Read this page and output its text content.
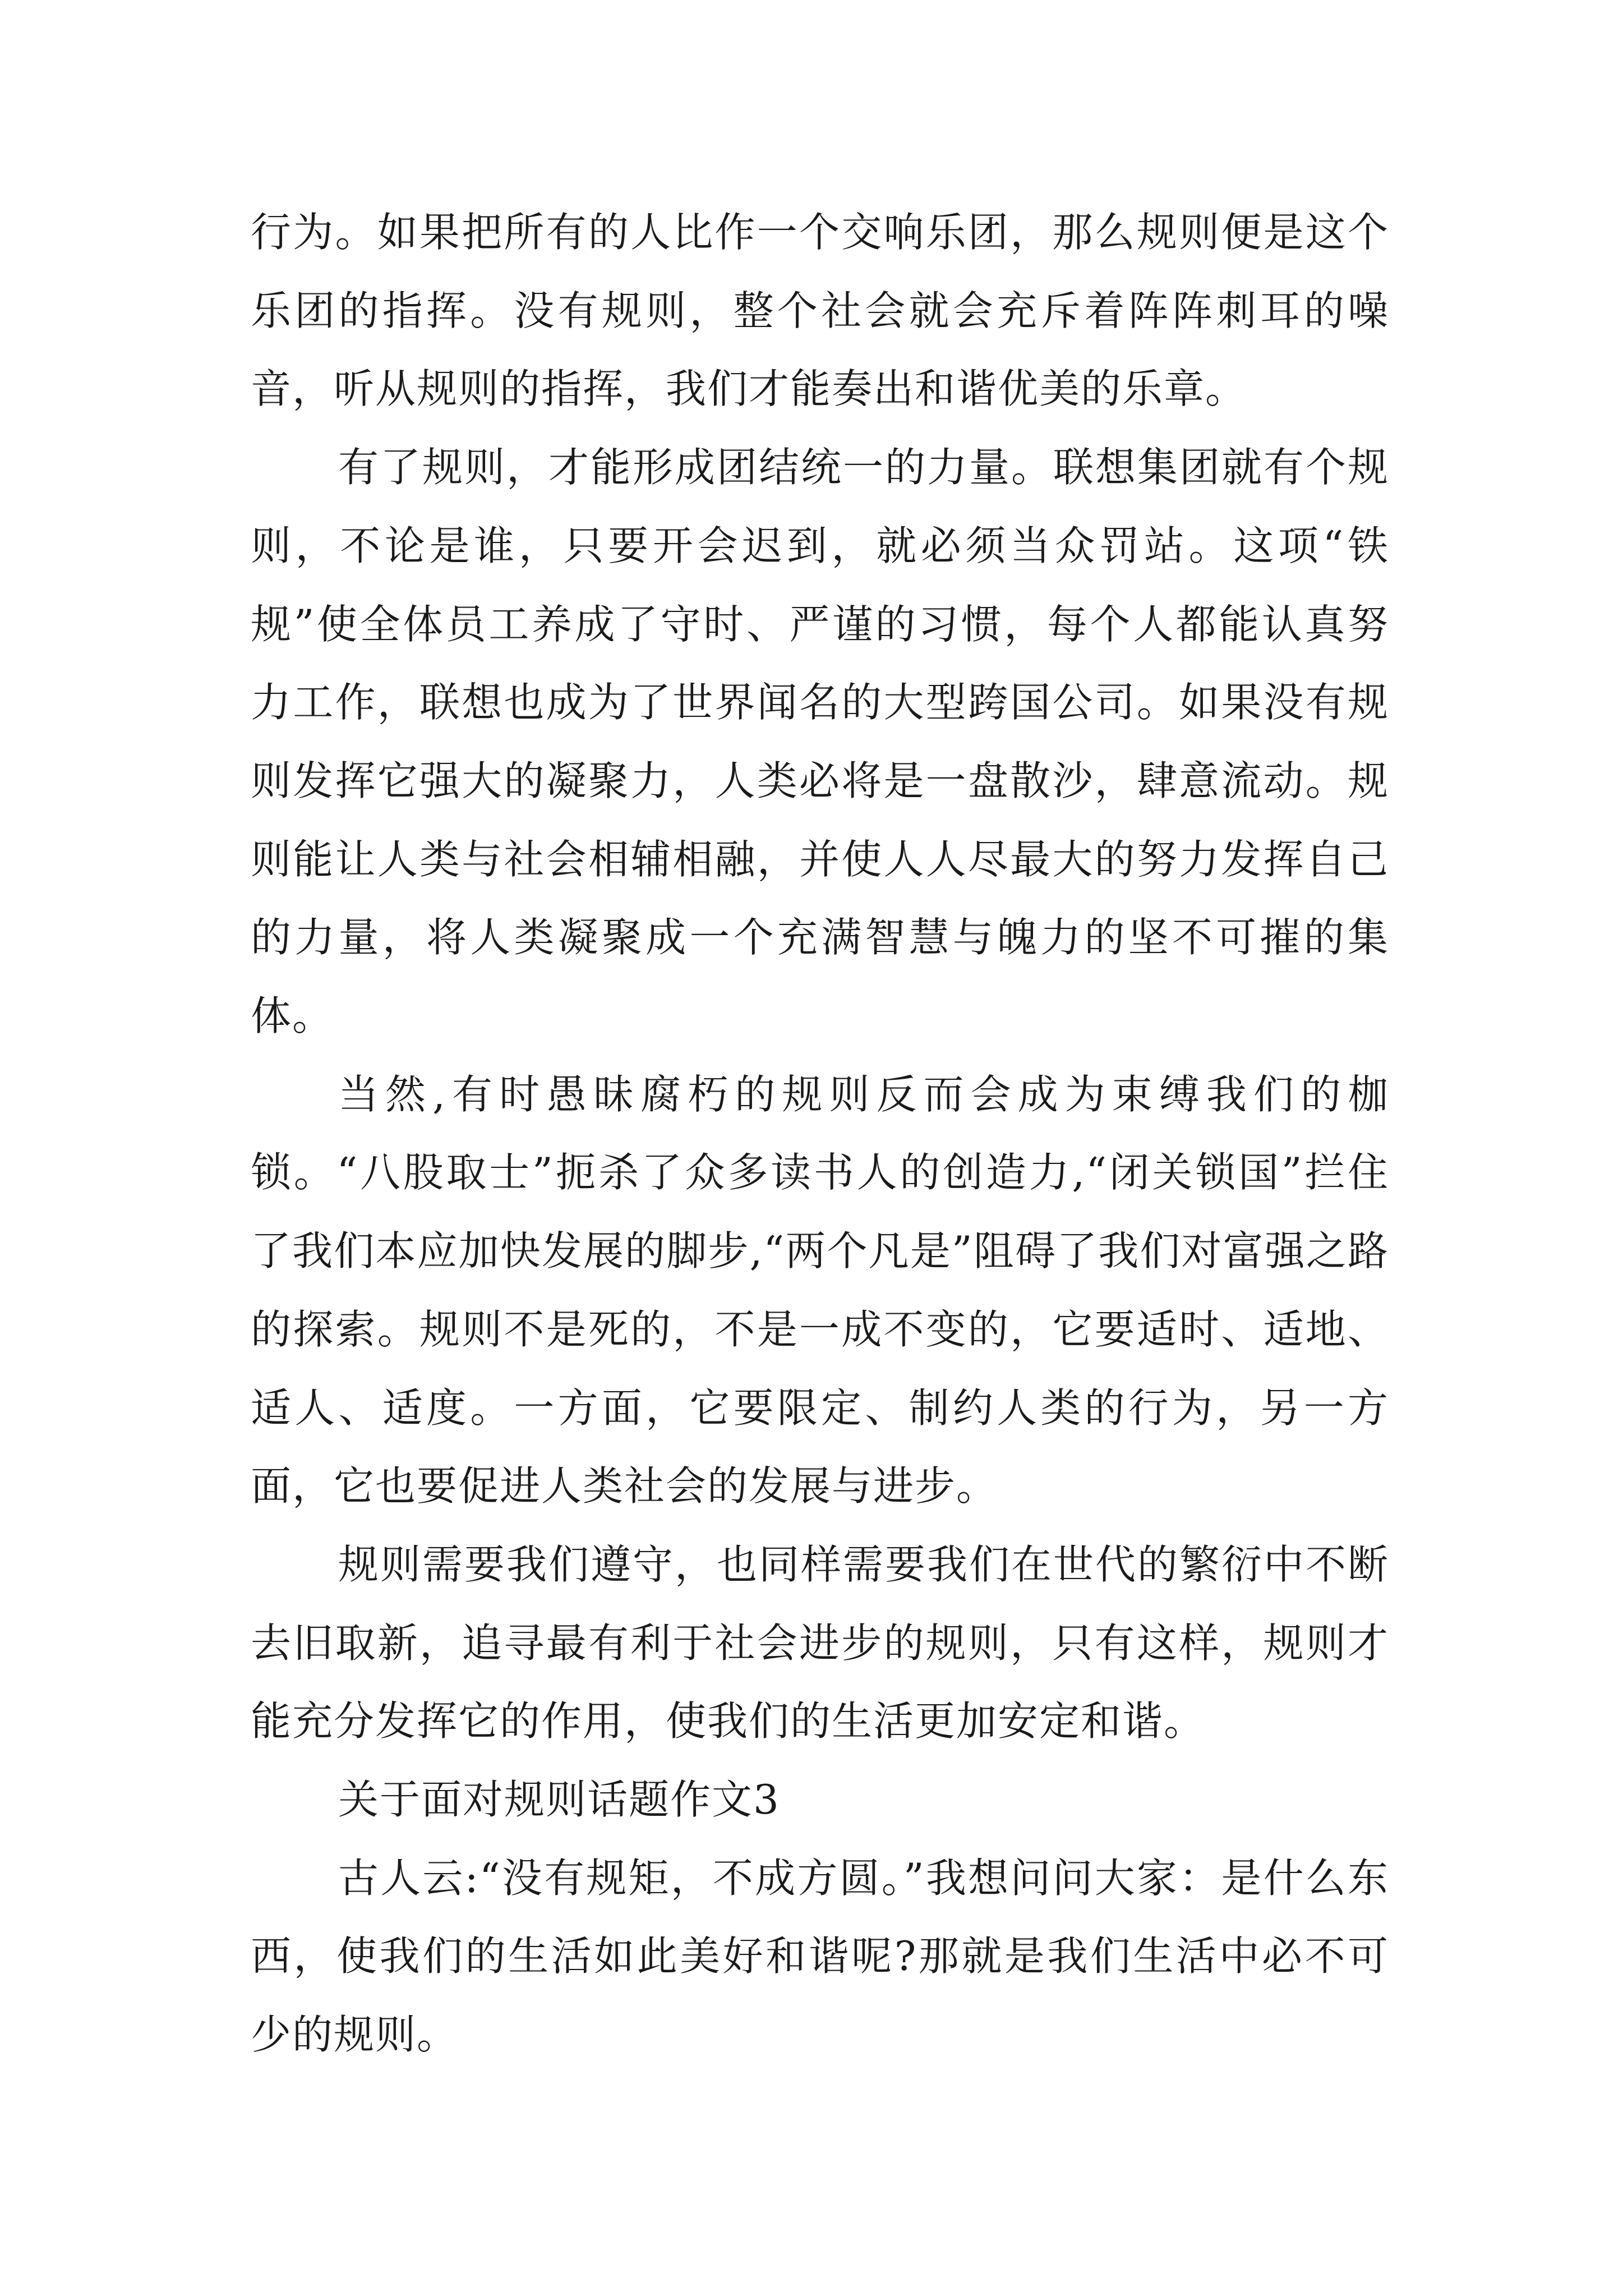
行为。如果把所有的人比作一个交响乐团，那么规则便是这个乐团的指挥。没有规则，整个社会就会充斥着阵阵刺耳的噪音，听从规则的指挥，我们才能奏出和谐优美的乐章。

有了规则，才能形成团结统一的力量。联想集团就有个规则，不论是谁，只要开会迟到，就必须当众罚站。这项“铁规”使全体员工养成了守时、严谨的习惯，每个人都能认真努力工作，联想也成为了世界闻名的大型跨国公司。如果没有规则发挥它强大的凝聚力，人类必将是一盘散沙，肆意流动。规则能让人类与社会相辅相融，并使人人尽最大的努力发挥自己的力量，将人类凝聚成一个充满智慧与魄力的坚不可摧的集体。

当然,有时愚昧腐朽的规则反而会成为束缚我们的枷锁。“八股取士”扼杀了众多读书人的创造力,“闭关锁国”拦住了我们本应加快发展的脚步,“两个凡是”阻碍了我们对富强之路的探索。规则不是死的，不是一成不变的，它要适时、适地、适人、适度。一方面，它要限定、制约人类的行为，另一方面，它也要促进人类社会的发展与进步。

规则需要我们遵守，也同样需要我们在世代的繁衍中不断去旧取新，追寻最有利于社会进步的规则，只有这样，规则才能充分发挥它的作用，使我们的生活更加安定和谐。

关于面对规则话题作文3

古人云:“没有规矩，不成方圆。”我想问问大家：是什么东西，使我们的生活如此美好和谐呢?那就是我们生活中必不可少的规则。
